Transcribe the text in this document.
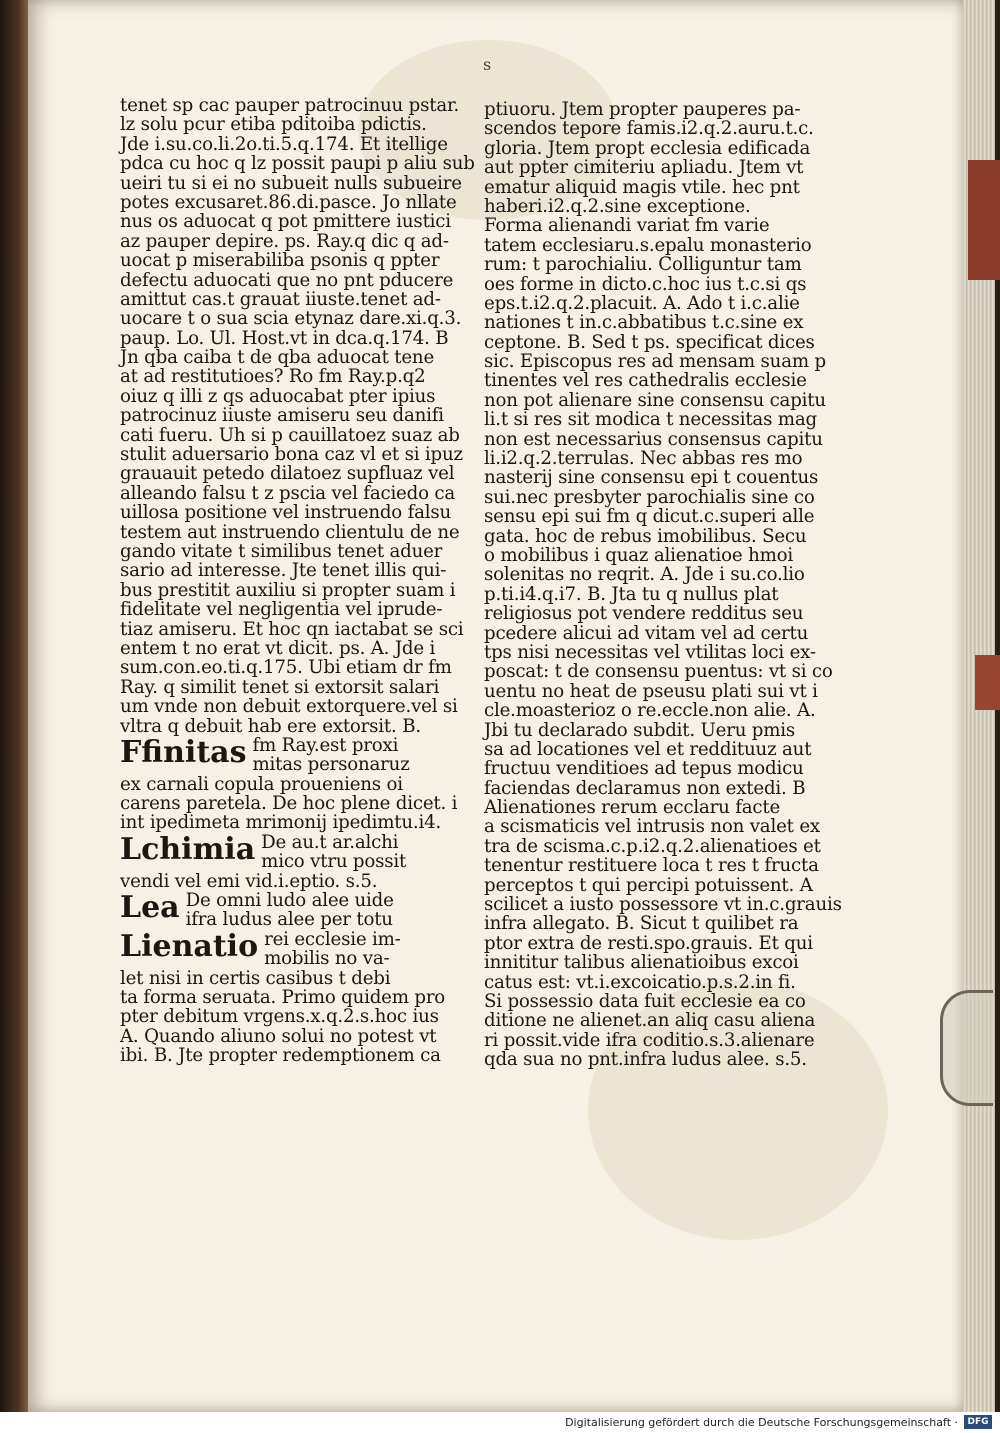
s
tenet sp cac pauper patrocinuu pstar.
lz solu pcur etiba pditoiba pdictis.
Jde i.su.co.li.2o.ti.5.q.174. Et itellige
pdca cu hoc q lz possit paupi p aliu sub
ueiri tu si ei no subueit nulls subueire
potes excusaret.86.di.pasce. Jo nllate
nus os aduocat q pot pmittere iustici
az pauper depire. ps. Ray.q dic q ad-
uocat p miserabiliba psonis q ppter
defectu aduocati que no pnt pducere
amittut cas.t grauat iiuste.tenet ad-
uocare t o sua scia etynaz dare.xi.q.3.
paup. Lo. Ul. Host.vt in dca.q.174. B
Jn qba caiba t de qba aduocat tene
at ad restitutioes? Ro fm Ray.p.q2
oiuz q illi z qs aduocabat pter ipius
patrocinuz iiuste amiseru seu danifi
cati fueru. Uh si p cauillatoez suaz ab
stulit aduersario bona caz vl et si ipuz
grauauit petedo dilatoez supfluaz vel
alleando falsu t z pscia vel faciedo ca
uillosa positione vel instruendo falsu
testem aut instruendo clientulu de ne
gando vitate t similibus tenet aduer
sario ad interesse. Jte tenet illis qui-
bus prestitit auxiliu si propter suam i
fidelitate vel negligentia vel iprude-
tiaz amiseru. Et hoc qn iactabat se sci
entem t no erat vt dicit. ps. A. Jde i
sum.con.eo.ti.q.175. Ubi etiam dr fm
Ray. q similit tenet si extorsit salari
um vnde non debuit extorquere.vel si
vltra q debuit hab ere extorsit. B.
Ffinitas fm Ray.est proxi
mitas personaruz
ex carnali copula proueniens oi
carens paretela. De hoc plene dicet. i
int ipedimeta mrimonij ipedimtu.i4.
Lchimia De au.t ar.alchi
mico vtru possit
vendi vel emi vid.i.eptio. s.5.
Lea De omni ludo alee uide
ifra ludus alee per totu
Lienatio rei ecclesie im-
mobilis no va-
let nisi in certis casibus t debi
ta forma seruata. Primo quidem pro
pter debitum vrgens.x.q.2.s.hoc ius
A. Quando aliuno solui no potest vt
ibi. B. Jte propter redemptionem ca
ptiuoru. Jtem propter pauperes pa-
scendos tepore famis.i2.q.2.auru.t.c.
gloria. Jtem propt ecclesia edificada
aut ppter cimiteriu apliadu. Jtem vt
ematur aliquid magis vtile. hec pnt
haberi.i2.q.2.sine exceptione.
Forma alienandi variat fm varie
tatem ecclesiaru.s.epalu monasterio
rum: t parochialiu. Colliguntur tam
oes forme in dicto.c.hoc ius t.c.si qs
eps.t.i2.q.2.placuit. A. Ado t i.c.alie
nationes t in.c.abbatibus t.c.sine ex
ceptone. B. Sed t ps. specificat dices
sic. Episcopus res ad mensam suam p
tinentes vel res cathedralis ecclesie
non pot alienare sine consensu capitu
li.t si res sit modica t necessitas mag
non est necessarius consensus capitu
li.i2.q.2.terrulas. Nec abbas res mo
nasterij sine consensu epi t couentus
sui.nec presbyter parochialis sine co
sensu epi sui fm q dicut.c.superi alle
gata. hoc de rebus imobilibus. Secu
o mobilibus i quaz alienatioe hmoi
solenitas no reqrit. A. Jde i su.co.lio
p.ti.i4.q.i7. B. Jta tu q nullus plat
religiosus pot vendere redditus seu
pcedere alicui ad vitam vel ad certu
tps nisi necessitas vel vtilitas loci ex-
poscat: t de consensu puentus: vt si co
uentu no heat de pseusu plati sui vt i
cle.moasterioz o re.eccle.non alie. A.
Jbi tu declarado subdit. Ueru pmis
sa ad locationes vel et reddituuz aut
fructuu venditioes ad tepus modicu
faciendas declaramus non extedi. B
Alienationes rerum ecclaru facte
a scismaticis vel intrusis non valet ex
tra de scisma.c.p.i2.q.2.alienatioes et
tenentur restituere loca t res t fructa
perceptos t qui percipi potuissent. A
scilicet a iusto possessore vt in.c.grauis
infra allegato. B. Sicut t quilibet ra
ptor extra de resti.spo.grauis. Et qui
innititur talibus alienatioibus excoi
catus est: vt.i.excoicatio.p.s.2.in fi.
Si possessio data fuit ecclesie ea co
ditione ne alienet.an aliq casu aliena
ri possit.vide ifra coditio.s.3.alienare
qda sua no pnt.infra ludus alee. s.5.
Digitalisierung gefördert durch die Deutsche Forschungsgemeinschaft ·	DFG
